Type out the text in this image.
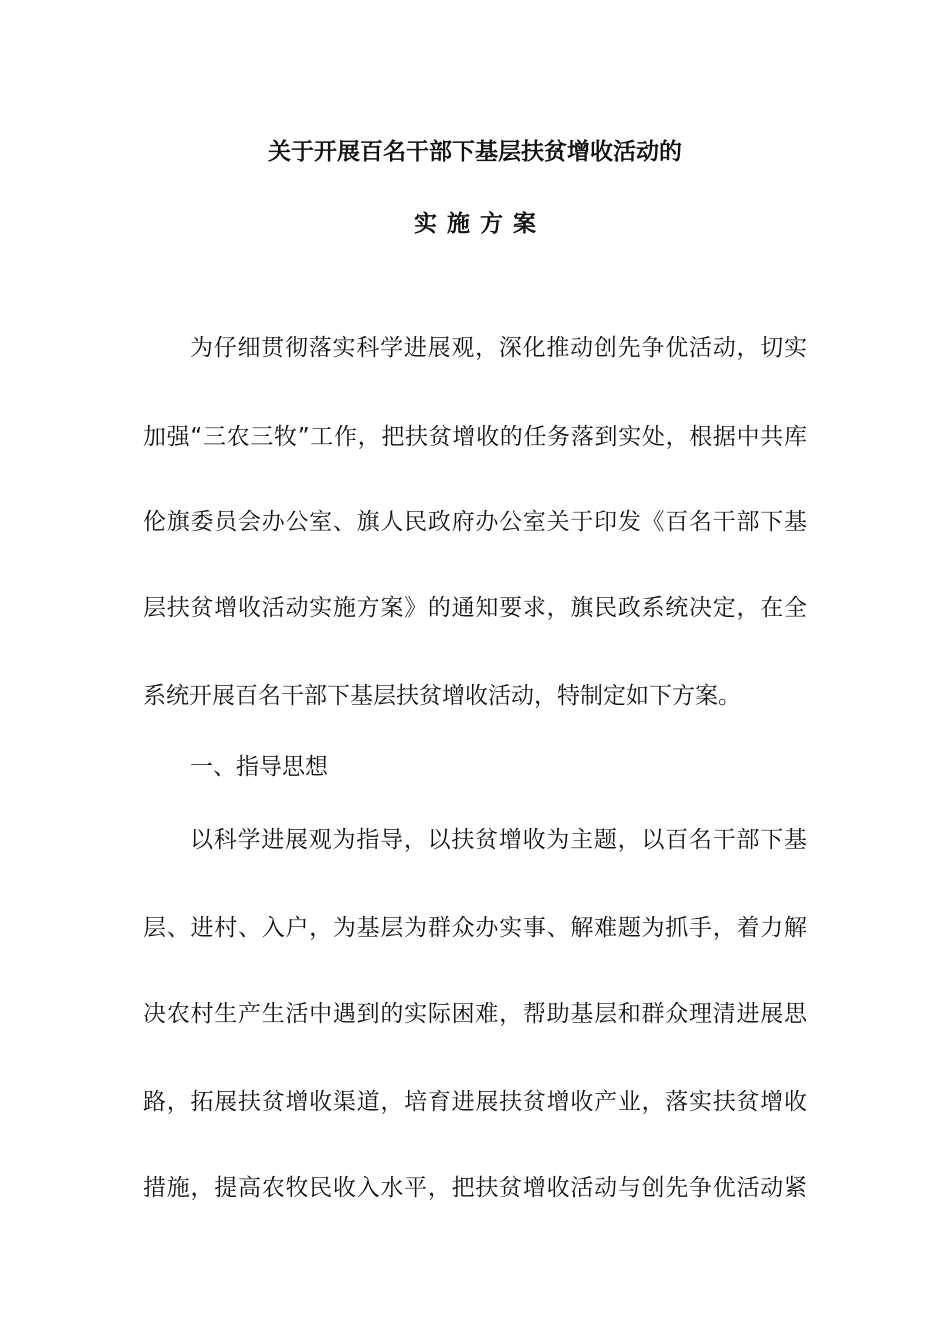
关于开展百名干部下基层扶贫增收活动的
实施方案
为仔细贯彻落实科学进展观，深化推动创先争优活动，切实
加强“三农三牧”工作，把扶贫增收的任务落到实处，根据中共库
伦旗委员会办公室、旗人民政府办公室关于印发《百名干部下基
层扶贫增收活动实施方案》的通知要求，旗民政系统决定，在全
系统开展百名干部下基层扶贫增收活动，特制定如下方案。
一、指导思想
以科学进展观为指导，以扶贫增收为主题，以百名干部下基
层、进村、入户，为基层为群众办实事、解难题为抓手，着力解
决农村生产生活中遇到的实际困难，帮助基层和群众理清进展思
路，拓展扶贫增收渠道，培育进展扶贫增收产业，落实扶贫增收
措施，提高农牧民收入水平，把扶贫增收活动与创先争优活动紧
